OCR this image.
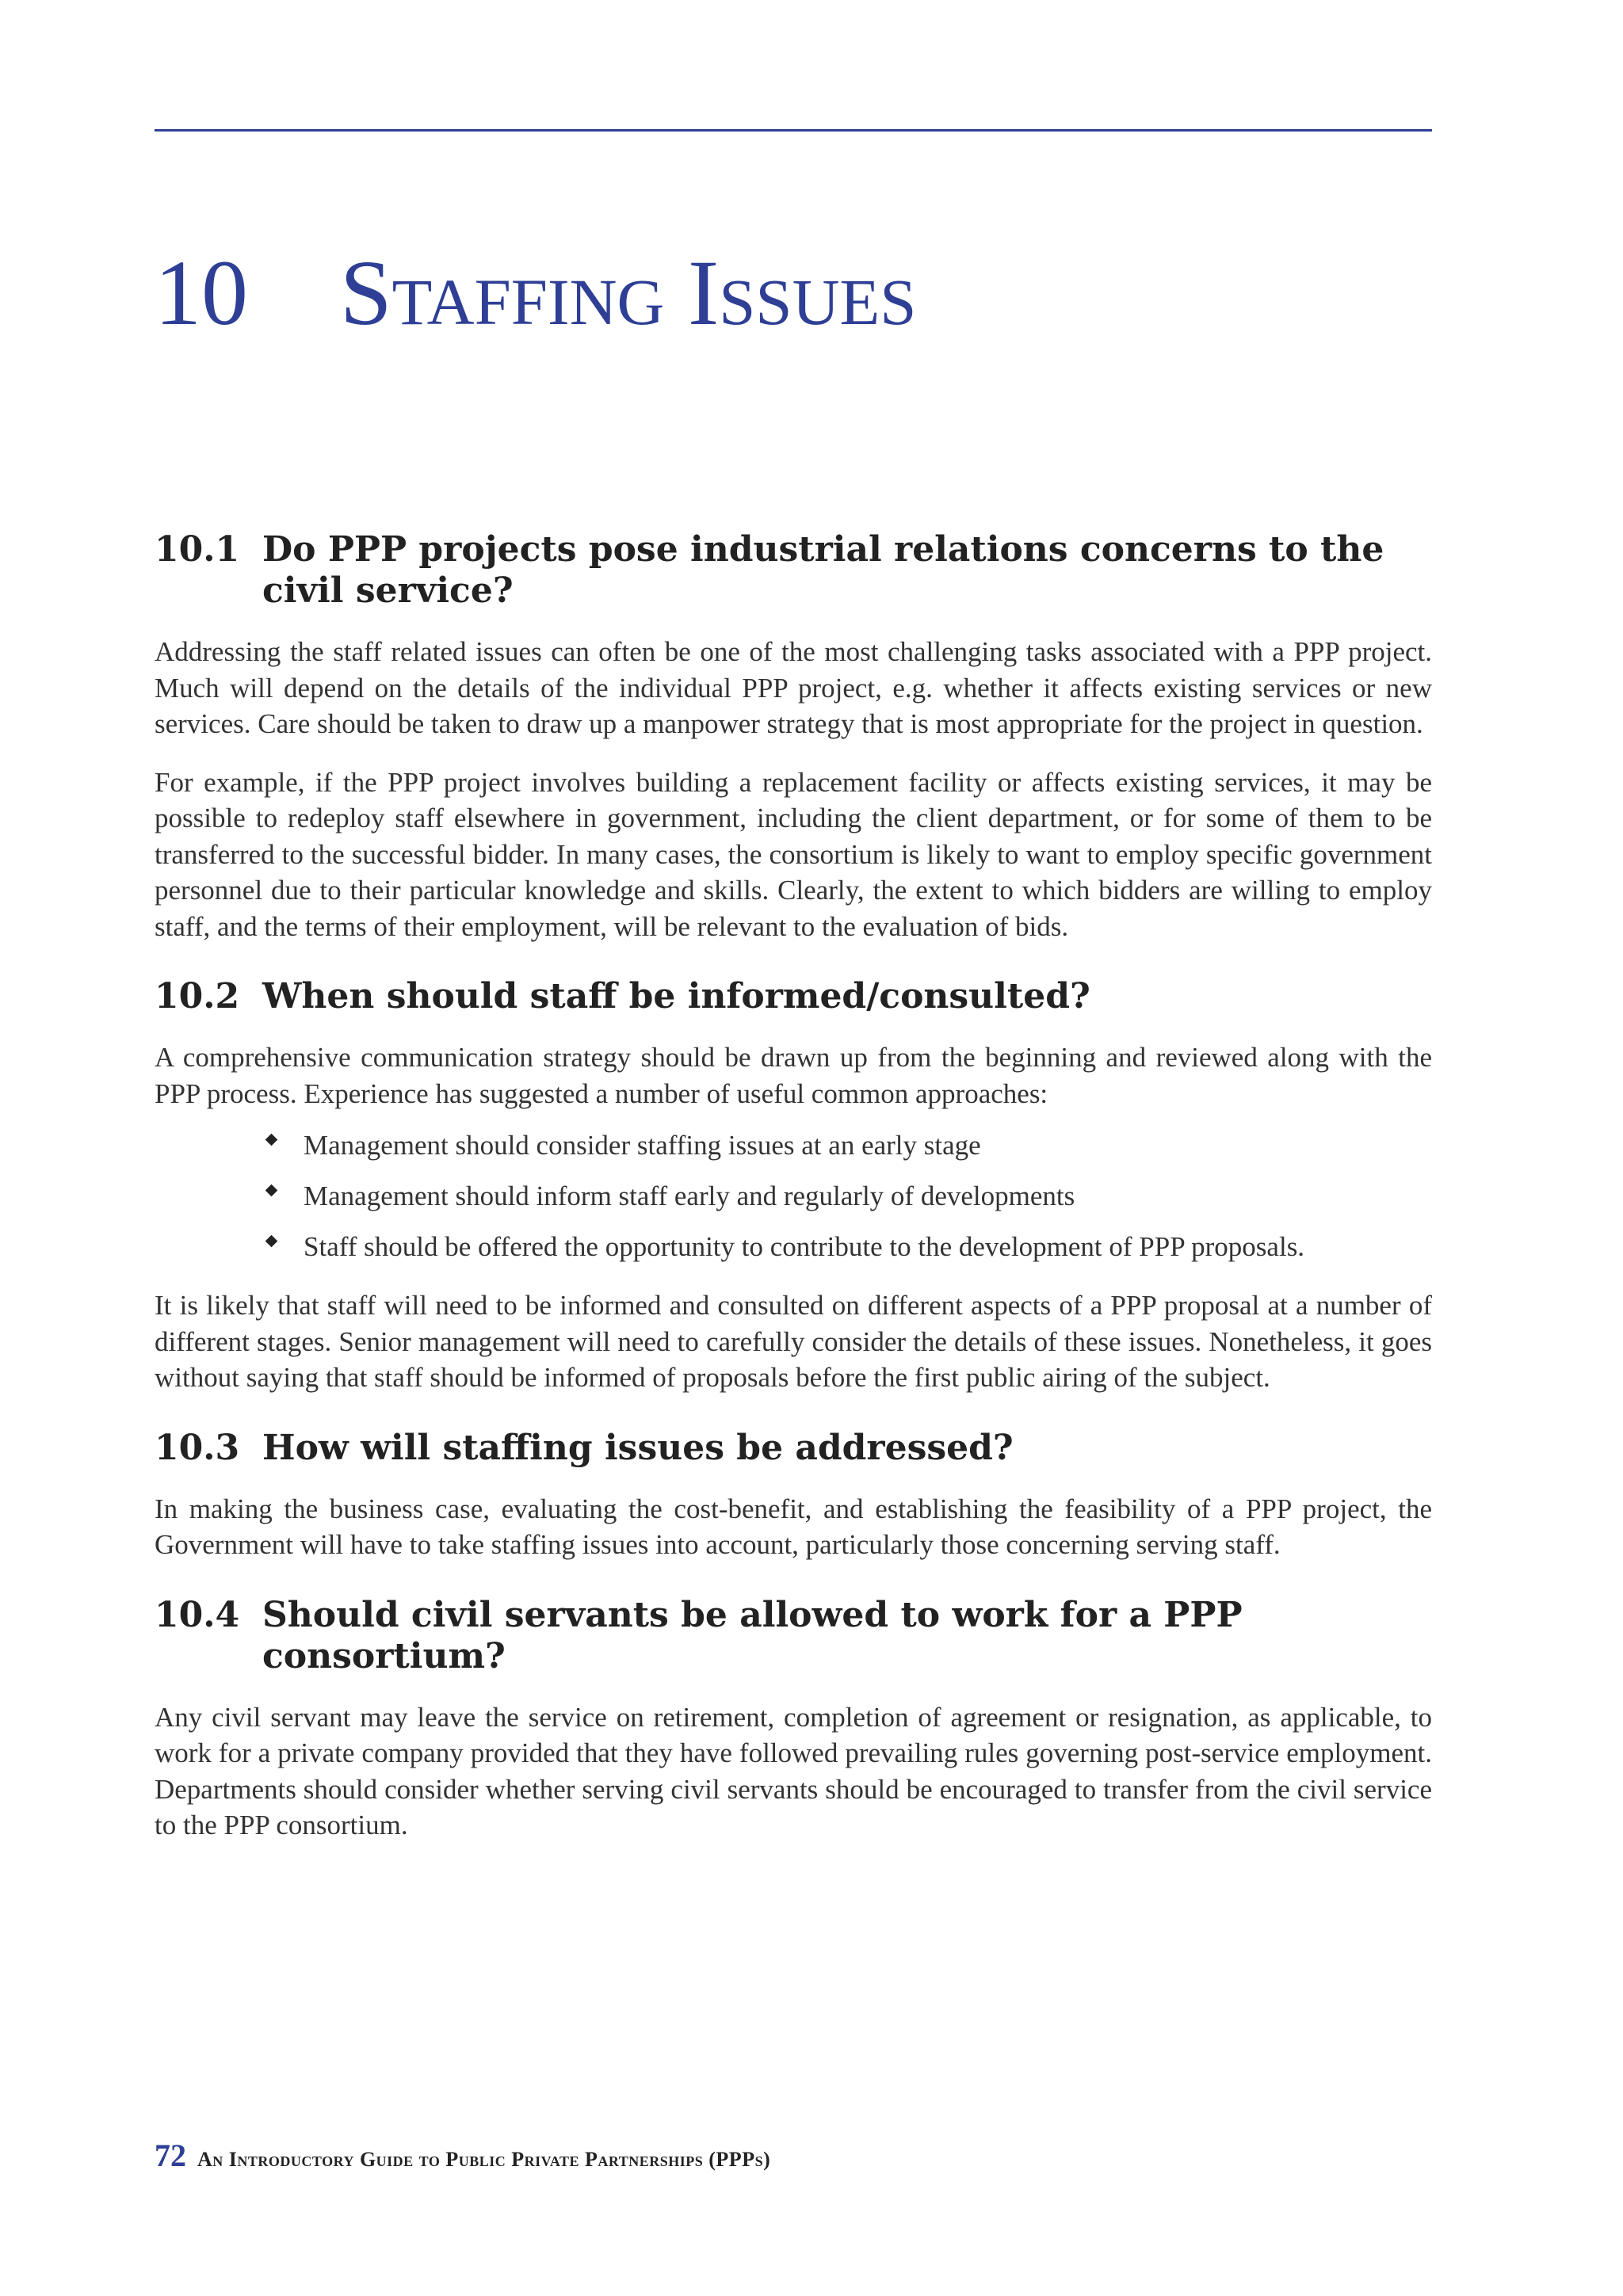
10 Staffing Issues
10.1 Do PPP projects pose industrial relations concerns to the civil service?

Addressing the staff related issues can often be one of the most challenging tasks associated with a PPP project. Much will depend on the details of the individual PPP project, e.g. whether it affects existing services or new services. Care should be taken to draw up a manpower strategy that is most appropriate for the project in question.

For example, if the PPP project involves building a replacement facility or affects existing services, it may be possible to redeploy staff elsewhere in government, including the client department, or for some of them to be transferred to the successful bidder. In many cases, the consortium is likely to want to employ specific government personnel due to their particular knowledge and skills. Clearly, the extent to which bidders are willing to employ staff, and the terms of their employment, will be relevant to the evaluation of bids.

10.2 When should staff be informed/consulted?

A comprehensive communication strategy should be drawn up from the beginning and reviewed along with the PPP process. Experience has suggested a number of useful common approaches:

Management should consider staffing issues at an early stage
Management should inform staff early and regularly of developments
Staff should be offered the opportunity to contribute to the development of PPP proposals.

It is likely that staff will need to be informed and consulted on different aspects of a PPP proposal at a number of different stages. Senior management will need to carefully consider the details of these issues. Nonetheless, it goes without saying that staff should be informed of proposals before the first public airing of the subject.

10.3 How will staffing issues be addressed?

In making the business case, evaluating the cost-benefit, and establishing the feasibility of a PPP project, the Government will have to take staffing issues into account, particularly those concerning serving staff.

10.4 Should civil servants be allowed to work for a PPP consortium?

Any civil servant may leave the service on retirement, completion of agreement or resignation, as applicable, to work for a private company provided that they have followed prevailing rules governing post-service employment. Departments should consider whether serving civil servants should be encouraged to transfer from the civil service to the PPP consortium.

72 An Introductory Guide to Public Private Partnerships (PPPs)
